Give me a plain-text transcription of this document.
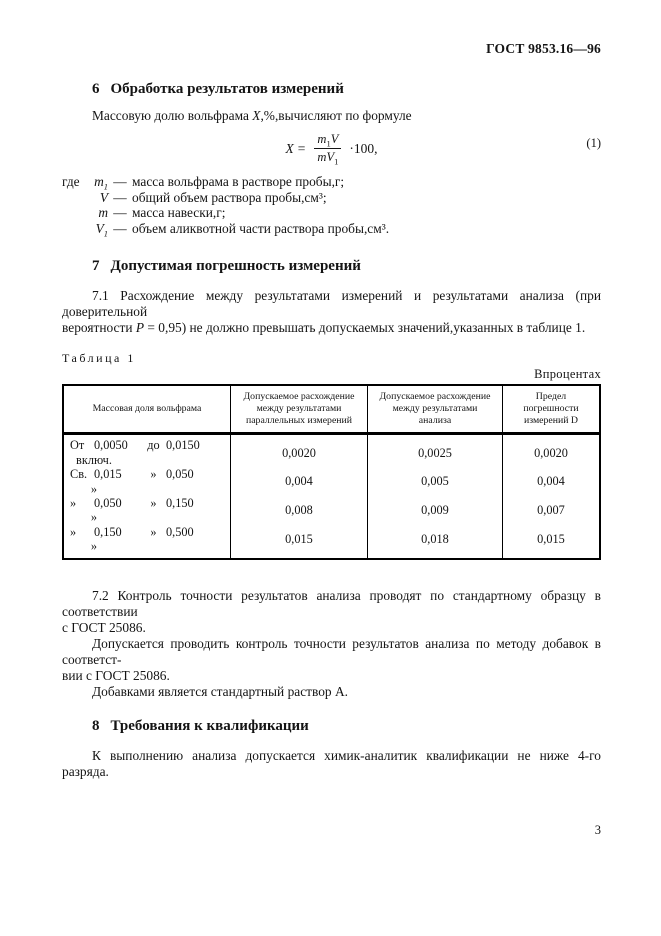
ГОСТ 9853.16—96
6 Обработка результатов измерений
Массовую долю вольфрама X,%,вычисляют по формуле
$X = \frac{m_1V}{mV_1} \cdot 100$,	(1)
где	$m_1$ — масса вольфрама в растворе пробы,г;
V — общий объем раствора пробы,см³;
m — масса навески,г;
$V_1$ — объем аликвотной части раствора пробы,см³.
7 Допустимая погрешность измерений
7.1 Расхождение между результатами измерений и результатами анализа (при доверительной
вероятности P = 0,95) не должно превышать допускаемых значений,указанных в таблице 1.
Таблица 1
Впроцентах
Массовая доля вольфрама	Допускаемое расхождение между результатами параллельных измерений	Допускаемое расхождение между результатами анализа	Предел погрешности измерений D
От 0,0050 до 0,0150включ.	0,0020	0,0025	0,0020
Св. 0,015 » 0,050»	0,004	0,005	0,004
» 0,050 » 0,150»	0,008	0,009	0,007
» 0,150 » 0,500»	0,015	0,018	0,015
7.2 Контроль точности результатов анализа проводят по стандартному образцу в соответствии
с ГОСТ 25086.
Допускается проводить контроль точности результатов анализа по методу добавок в соответст-
вии с ГОСТ 25086.
Добавками является стандартный раствор А.
8 Требования к квалификации
К выполнению анализа допускается химик-аналитик квалификации не ниже 4-го разряда.
3
